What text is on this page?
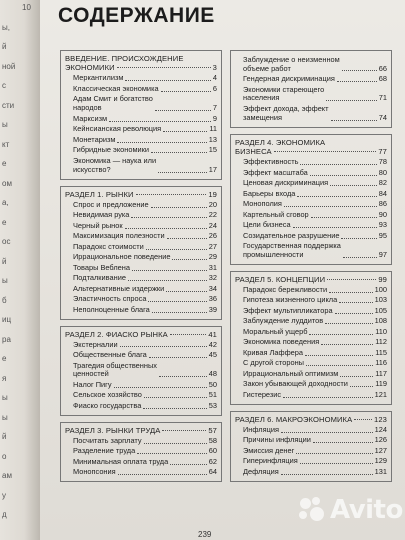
10
ы,
й
ной
с
сти
ы
кт
е
ом
а,
е
ос
й
ы
б
иц
ра
е
я
ы
ы
й
о
ам
у
д
СОДЕРЖАНИЕ
ВВЕДЕНИЕ. ПРОИСХОЖДЕНИЕ
ЭКОНОМИКИ	3
Меркантилизм	4
Классическая экономика	6
Адам Смит и богатство
народов	7
Марксизм	9
Кейнсианская революция	11
Монетаризм	13
Гибридные экономики	15
Экономика — наука или
искусство?	17
РАЗДЕЛ 1. РЫНКИ	19
Спрос и предложение	20
Невидимая рука	22
Черный рынок	24
Максимизация полезности	26
Парадокс стоимости	27
Иррациональное поведение	29
Товары Веблена	31
Подталкивание	32
Альтернативные издержки	34
Эластичность спроса	36
Неполноценные блага	39
РАЗДЕЛ 2. ФИАСКО РЫНКА	41
Экстерналии	42
Общественные блага	45
Трагедия общественных
ценностей	48
Налог Пигу	50
Сельское хозяйство	51
Фиаско государства	53
РАЗДЕЛ 3. РЫНКИ ТРУДА	57
Посчитать зарплату	58
Разделение труда	60
Минимальная оплата труда	62
Монопсония	64
Заблуждение о неизменном
объеме работ	66
Гендерная дискриминация	68
Экономики стареющего
населения	71
Эффект дохода, эффект
замещения	74
РАЗДЕЛ 4. ЭКОНОМИКА
БИЗНЕСА	77
Эффективность	78
Эффект масштаба	80
Ценовая дискриминация	82
Барьеры входа	84
Монополия	86
Картельный сговор	90
Цели бизнеса	93
Созидательное разрушение	95
Государственная поддержка
промышленности	97
РАЗДЕЛ 5. КОНЦЕПЦИИ	99
Парадокс бережливости	100
Гипотеза жизненного цикла	103
Эффект мультипликатора	105
Заблуждение луддитов	108
Моральный ущерб	110
Экономика поведения	112
Кривая Лаффера	115
С другой стороны	116
Иррациональный оптимизм	117
Закон убывающей доходности	119
Гистерезис	121
РАЗДЕЛ 6. МАКРОЭКОНОМИКА	123
Инфляция	124
Причины инфляции	126
Эмиссия денег	127
Гиперинфляция	129
Дефляция	131
239
Avito
